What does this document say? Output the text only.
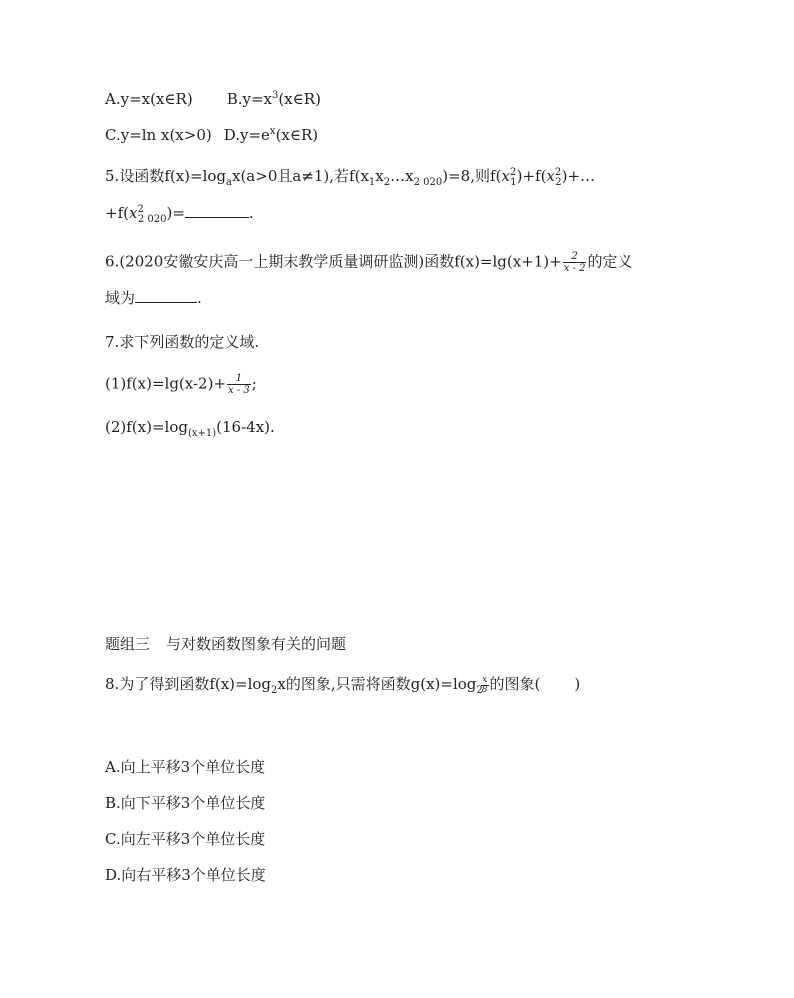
A.y=x(x∈R) $B.y=x^3(x\in R)$
C.y=ln x(x>0) $D.y=e^x(x\in R)$
5.设函数$f(x)=\log_ax(a>0$且a≠1),若$f(x_1x_2\dots x_{2 020})=8$,则$f(x^2_1)+f(x^2_2)+\dots$
$+f(x^2_{2 020})=$	.
6.(2020安徽安庆高一上期末教学质量调研监测)函数$f(x)=\lg(x+1)+ \frac{2}{x - 2}$ 的定义
域为	.
7.求下列函数的定义域.
$(1)f(x)=\lg(x-2)+ \frac{1}{x - 3}$ ;
$(2)f(x)=\log_{(x+1)}(16-4x)$.
题组三 与对数函数图象有关的问题
8.为了得到函数$f(x)=\log_2x$的图象,只需将函数$g(x)=\log_2$
$\frac{x}{8}$ 的图象( )
A.向上平移3个单位长度
B.向下平移3个单位长度
C.向左平移3个单位长度
D.向右平移3个单位长度
